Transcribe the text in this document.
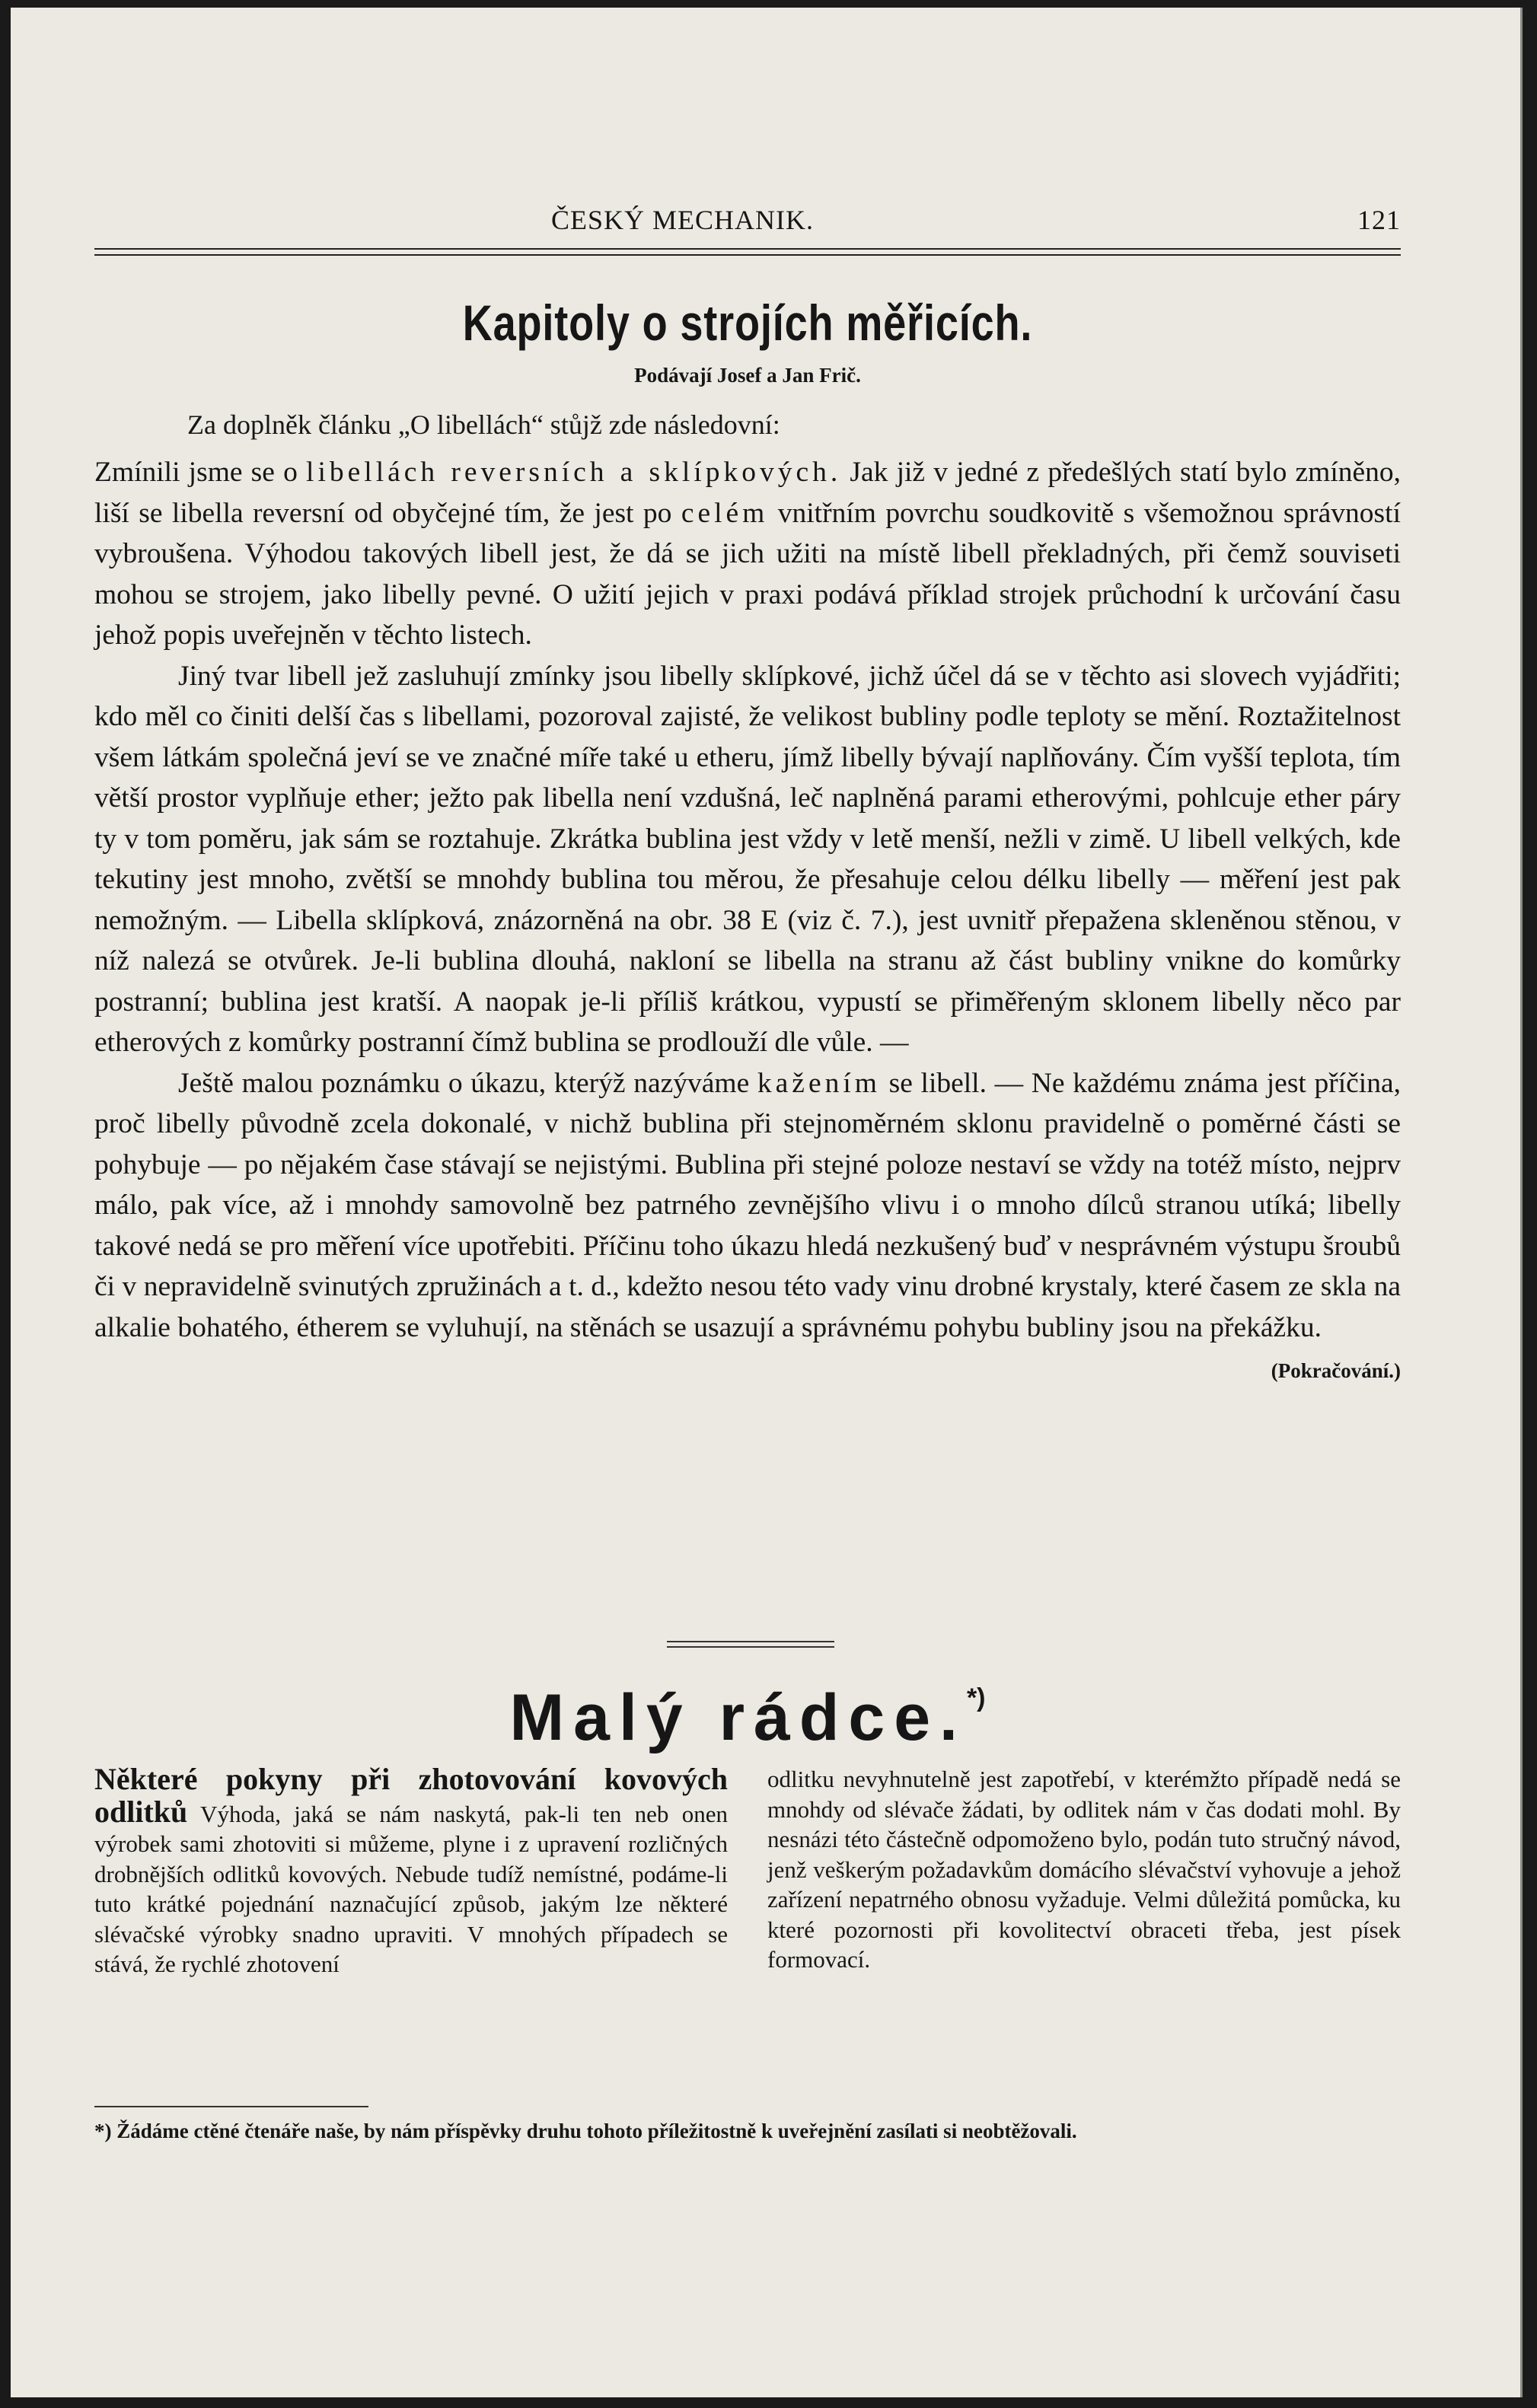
ČESKÝ MECHANIK.	121
Kapitoly o strojích měřicích.
Podávají Josef a Jan Frič.
Za doplněk článku „O libellách“ stůjž zde následovní:

Zmínili jsme se o libellách reversních a sklípkových. Jak již v jedné z předešlých statí bylo zmíněno, liší se libella reversní od obyčejné tím, že jest po celém vnitřním povrchu soudkovitě s všemožnou správností vybroušena. Výhodou takových libell jest, že dá se jich užiti na místě libell překladných, při čemž souviseti mohou se strojem, jako libelly pevné. O užití jejich v praxi podává příklad strojek průchodní k určování času jehož popis uveřejněn v těchto listech.

Jiný tvar libell jež zasluhují zmínky jsou libelly sklípkové, jichž účel dá se v těchto asi slovech vyjádřiti; kdo měl co činiti delší čas s libellami, pozoroval zajisté, že velikost bubliny podle teploty se mění. Roztažitelnost všem látkám společná jeví se ve značné míře také u etheru, jímž libelly bývají naplňovány. Čím vyšší teplota, tím větší prostor vyplňuje ether; ježto pak libella není vzdušná, leč naplněná parami etherovými, pohlcuje ether páry ty v tom poměru, jak sám se roztahuje. Zkrátka bublina jest vždy v letě menší, nežli v zimě. U libell velkých, kde tekutiny jest mnoho, zvětší se mnohdy bublina tou měrou, že přesahuje celou délku libelly — měření jest pak nemožným. — Libella sklípková, znázorněná na obr. 38 E (viz č. 7.), jest uvnitř přepažena skleněnou stěnou, v níž nalezá se otvůrek. Je-li bublina dlouhá, nakloní se libella na stranu až část bubliny vnikne do komůrky postranní; bublina jest kratší. A naopak je-li příliš krátkou, vypustí se přiměřeným sklonem libelly něco par etherových z komůrky postranní čímž bublina se prodlouží dle vůle. —

Ještě malou poznámku o úkazu, kterýž nazýváme kažením se libell. — Ne každému známa jest příčina, proč libelly původně zcela dokonalé, v nichž bublina při stejnoměrném sklonu pravidelně o poměrné části se pohybuje — po nějakém čase stávají se nejistými. Bublina při stejné poloze nestaví se vždy na totéž místo, nejprv málo, pak více, až i mnohdy samovolně bez patrného zevnějšího vlivu i o mnoho dílců stranou utíká; libelly takové nedá se pro měření více upotřebiti. Příčinu toho úkazu hledá nezkušený buď v nesprávném výstupu šroubů či v nepravidelně svinutých zpružinách a t. d., kdežto nesou této vady vinu drobné krystaly, které časem ze skla na alkalie bohatého, étherem se vyluhují, na stěnách se usazují a správnému pohybu bubliny jsou na překážku.
(Pokračování.)

Malý rádce.*)
Některé pokyny při zhotovování kovových odlitků Výhoda, jaká se nám naskytá, pak-li ten neb onen výrobek sami zhotoviti si můžeme, plyne i z upravení rozličných drobnějších odlitků kovových. Nebude tudíž nemístné, podáme-li tuto krátké pojednání naznačující způsob, jakým lze některé slévačské výrobky snadno upraviti. V mnohých případech se stává, že rychlé zhotovení
odlitku nevyhnutelně jest zapotřebí, v kterémžto případě nedá se mnohdy od slévače žádati, by odlitek nám v čas dodati mohl. By nesnázi této částečně odpomoženo bylo, podán tuto stručný návod, jenž veškerým požadavkům domácího slévačství vyhovuje a jehož zařízení nepatrného obnosu vyžaduje. Velmi důležitá pomůcka, ku které pozornosti při kovolitectví obraceti třeba, jest písek formovací.
*) Žádáme ctěné čtenáře naše, by nám příspěvky druhu tohoto příležitostně k uveřejnění zasílati si neobtěžovali.
